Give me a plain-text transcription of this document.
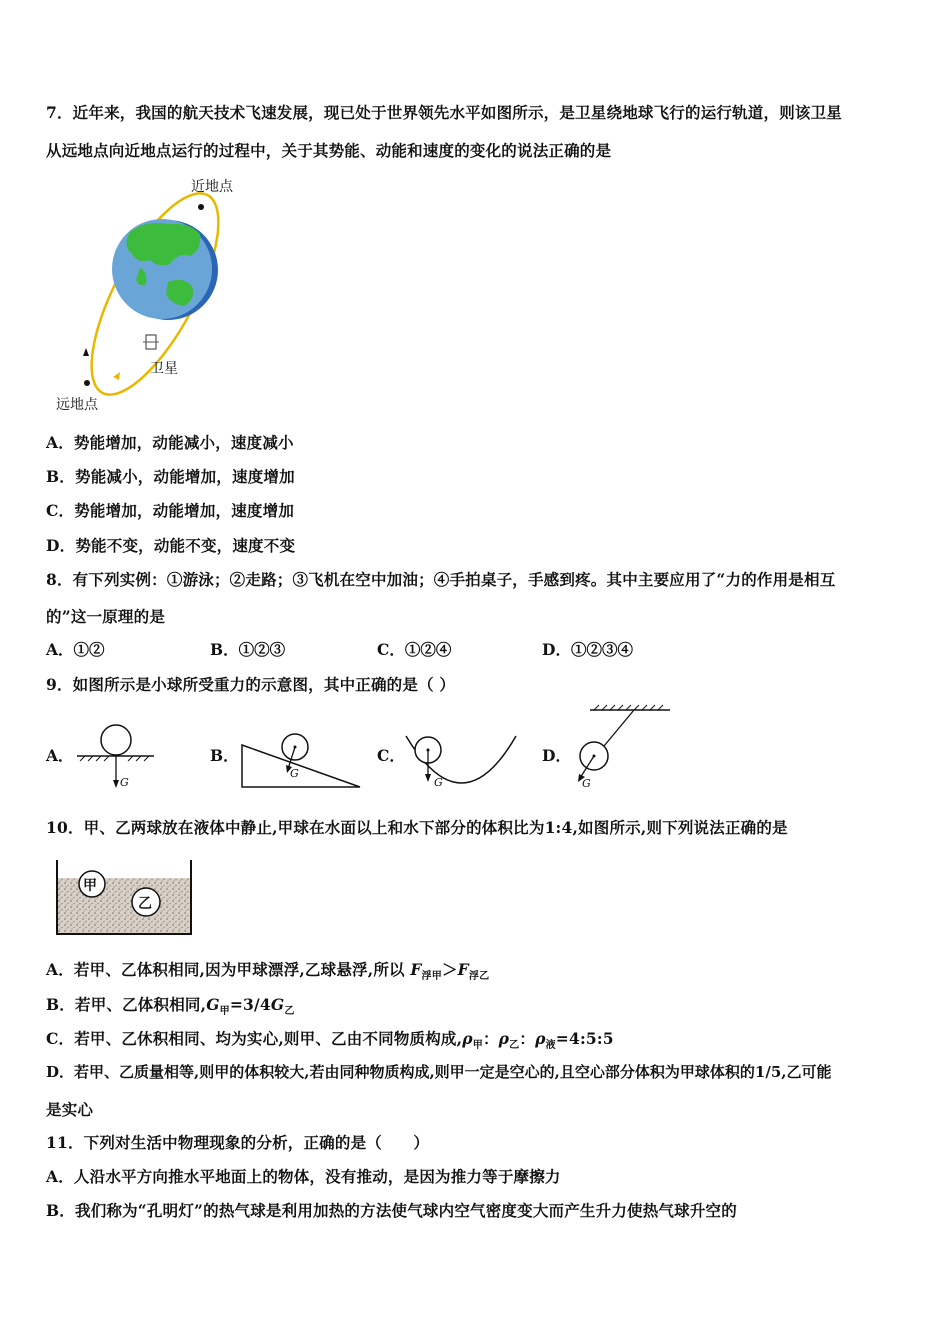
7．近年来，我国的航天技术飞速发展，现已处于世界领先水平如图所示，是卫星绕地球飞行的运行轨道，则该卫星
从远地点向近地点运行的过程中，关于其势能、动能和速度的变化的说法正确的是
近地点
卫星
远地点
A．势能增加，动能减小，速度减小
B．势能减小，动能增加，速度增加
C．势能增加，动能增加，速度增加
D．势能不变，动能不变，速度不变
8．有下列实例：①游泳；②走路；③飞机在空中加油；④手拍桌子，手感到疼。其中主要应用了“力的作用是相互
的”这一原理的是
A．①②	B．①②③	C．①②④	D．①②③④
9．如图所示是小球所受重力的示意图，其中正确的是（ ）
A．
G
B．
G
C．
G
D．
G
10．甲、乙两球放在液体中静止,甲球在水面以上和水下部分的体积比为1:4,如图所示,则下列说法正确的是
甲
乙
A．若甲、乙体积相同,因为甲球漂浮,乙球悬浮,所以 $F_{浮甲}>F_{浮乙}$
B．若甲、乙体积相同$,G_甲=3/4G_乙$
C．若甲、乙休积相同、均为实心,则甲、乙由不同物质构成$,\rho_甲$：$\rho_乙$：$\rho_液=4:5:5$
D．若甲、乙质量相等,则甲的体积较大,若由同种物质构成,则甲一定是空心的,且空心部分体积为甲球体积的1/5,乙可能
是实心
11．下列对生活中物理现象的分析，正确的是（　　）
A．人沿水平方向推水平地面上的物体，没有推动，是因为推力等于摩擦力
B．我们称为“孔明灯”的热气球是利用加热的方法使气球内空气密度变大而产生升力使热气球升空的
